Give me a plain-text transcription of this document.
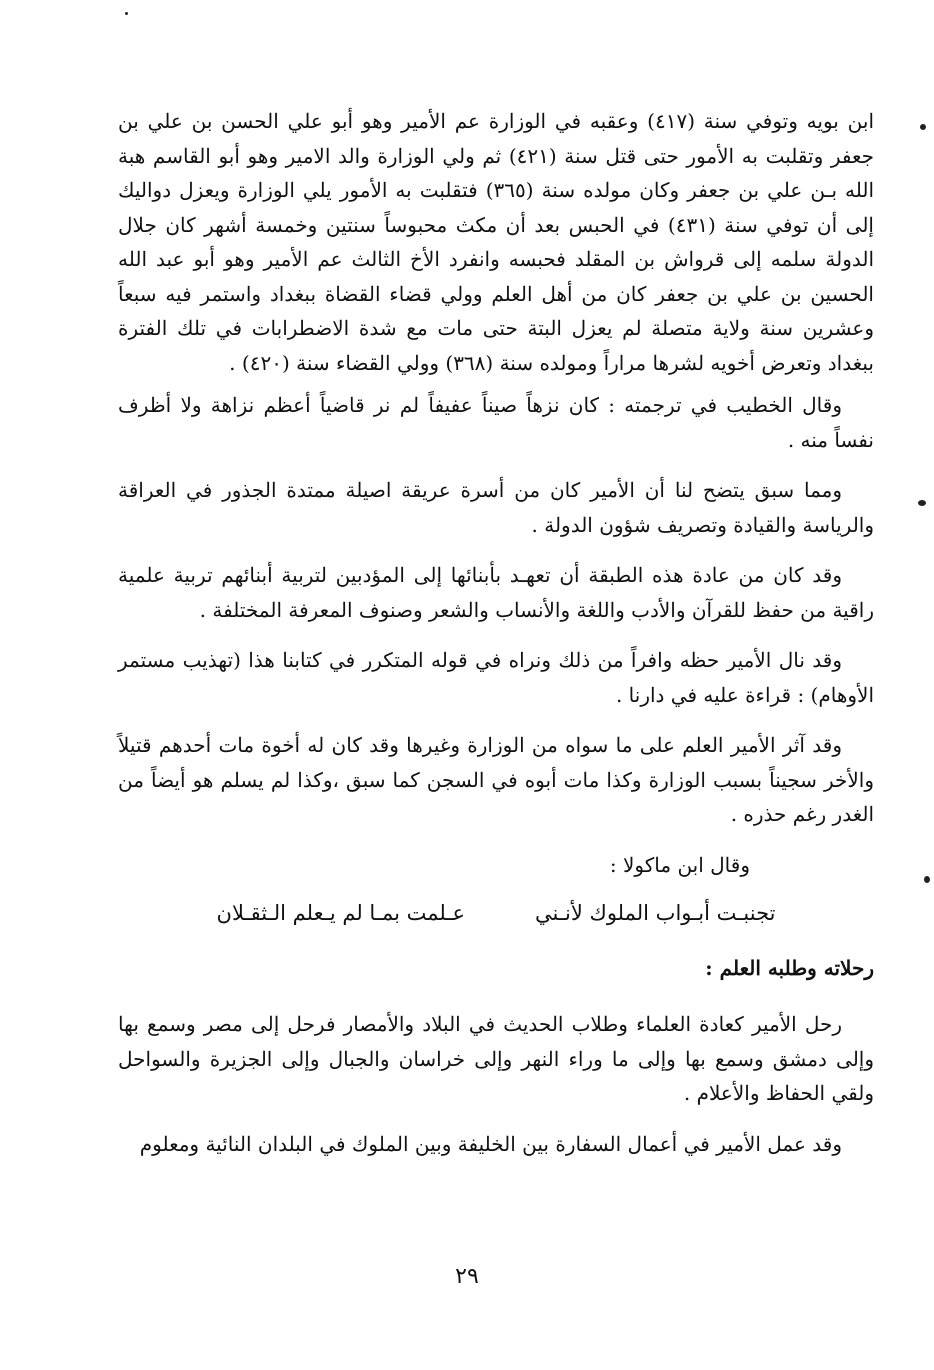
ابن بويه وتوفي سنة (٤١٧) وعقبه في الوزارة عم الأمير وهو أبو علي الحسن بن علي بن جعفر وتقلبت به الأمور حتى قتل سنة (٤٢١) ثم ولي الوزارة والد الامير وهو أبو القاسم هبة الله بـن علي بن جعفر وكان مولده سنة (٣٦٥) فتقلبت به الأمور يلي الوزارة ويعزل دواليك إلى أن توفي سنة (٤٣١) في الحبس بعد أن مكث محبوساً سنتين وخمسة أشهر كان جلال الدولة سلمه إلى قرواش بن المقلد فحبسه وانفرد الأخ الثالث عم الأمير وهو أبو عبد الله الحسين بن علي بن جعفر كان من أهل العلم وولي قضاء القضاة ببغداد واستمر فيه سبعاً وعشرين سنة ولاية متصلة لم يعزل البتة حتى مات مع شدة الاضطرابات في تلك الفترة ببغداد وتعرض أخويه لشرها مراراً ومولده سنة (٣٦٨) وولي القضاء سنة (٤٢٠) .

وقال الخطيب في ترجمته : كان نزهاً صيناً عفيفاً لم نر قاضياً أعظم نزاهة ولا أظرف نفساً منه .

ومما سبق يتضح لنا أن الأمير كان من أسرة عريقة اصيلة ممتدة الجذور في العراقة والرياسة والقيادة وتصريف شؤون الدولة .

وقد كان من عادة هذه الطبقة أن تعهـد بأبنائها إلى المؤدبين لتربية أبنائهم تربية علمية راقية من حفظ للقرآن والأدب واللغة والأنساب والشعر وصنوف المعرفة المختلفة .

وقد نال الأمير حظه وافراً من ذلك ونراه في قوله المتكرر في كتابنا هذا (تهذيب مستمر الأوهام) : قراءة عليه في دارنا .

وقد آثر الأمير العلم على ما سواه من الوزارة وغيرها وقد كان له أخوة مات أحدهم قتيلاً والأخر سجيناً بسبب الوزارة وكذا مات أبوه في السجن كما سبق ،وكذا لم يسلم هو أيضاً من الغدر رغم حذره .

وقال ابن ماكولا :

تجنبـت أبـواب الملوك لأنـني
عـلمت بمـا لم يـعلم الـثقـلان

رحلاته وطلبه العلم :

رحل الأمير كعادة العلماء وطلاب الحديث في البلاد والأمصار فرحل إلى مصر وسمع بها وإلى دمشق وسمع بها وإلى ما وراء النهر وإلى خراسان والجبال وإلى الجزيرة والسواحل ولقي الحفاظ والأعلام .

وقد عمل الأمير في أعمال السفارة بين الخليفة وبين الملوك في البلدان النائية ومعلوم

٢٩
